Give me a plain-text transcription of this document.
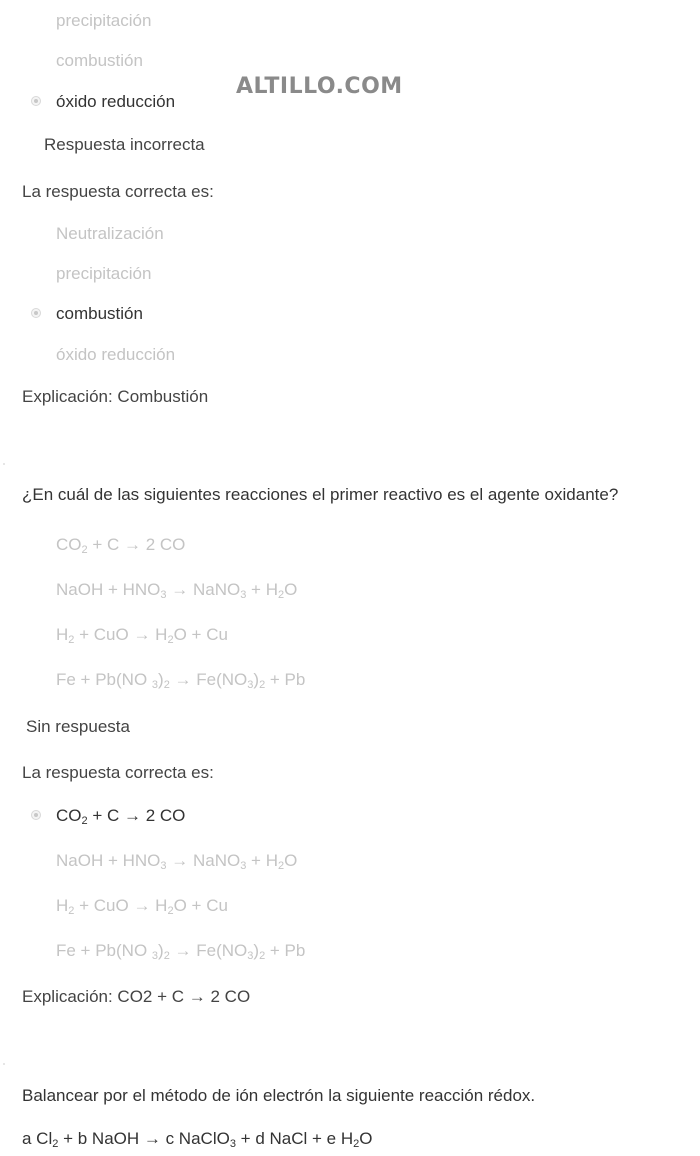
ALTILLO.COM
precipitación
combustión
óxido reducción
Respuesta incorrecta
La respuesta correcta es:
Neutralización
precipitación
combustión
óxido reducción
Explicación: Combustión
¿En cuál de las siguientes reacciones el primer reactivo es el agente oxidante?
$CO_2 + C \to 2$ CO
NaOH + $HNO_3$ → NaNO$_3$ + $H_2O$
$H_2$ + CuO → $H_2O + Cu$
Fe + Pb(NO $_3)_2 \to Fe(NO_3)_2 + Pb$
Sin respuesta
La respuesta correcta es:
$CO_2 + C \to 2$ CO
NaOH + $HNO_3$ → NaNO$_3$ + $H_2O$
$H_2$ + CuO → $H_2O + Cu$
Fe + Pb(NO $_3)_2 \to Fe(NO_3)_2 + Pb$
Explicación: CO2 + C → 2 CO
Balancear por el método de ión electrón la siguiente reacción rédox.
a $Cl_2 + b$ NaOH → c NaClO$_3$ + d NaCl + e $H_2O$
